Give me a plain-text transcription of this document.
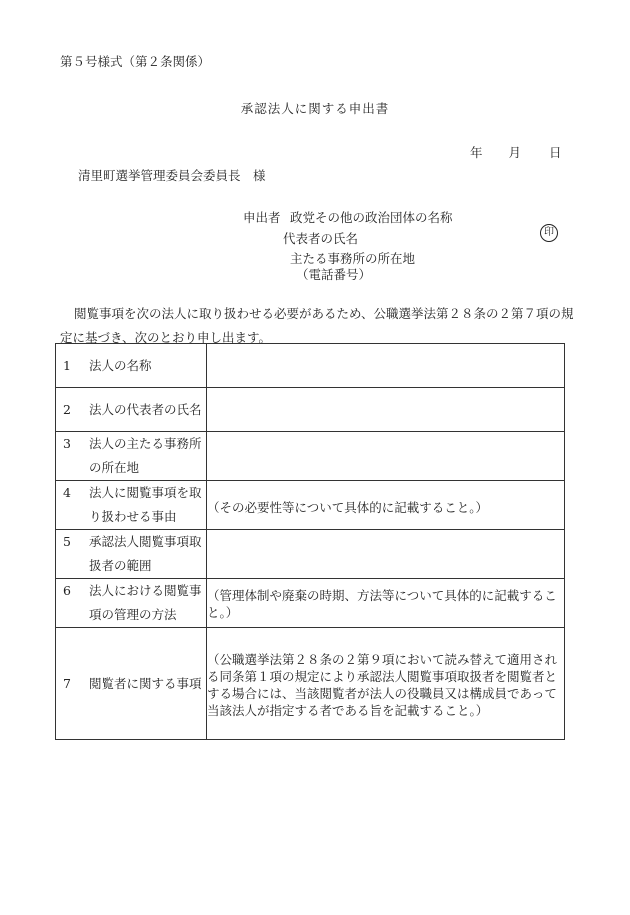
第５号様式（第２条関係）
承認法人に関する申出書
年 月 日
清里町選挙管理委員会委員長　様
申出者 政党その他の政治団体の名称
代表者の氏名	印
主たる事務所の所在地
（電話番号）
閲覧事項を次の法人に取り扱わせる必要があるため、公職選挙法第２８条の２第７項の規定に基づき、次のとおり申し出ます。
1 法人の名称	

2 法人の代表者の氏名	

3 法人の主たる事務所の所在地	

4 法人に閲覧事項を取り扱わせる事由	（その必要性等について具体的に記載すること。）

5 承認法人閲覧事項取扱者の範囲	

6 法人における閲覧事項の管理の方法	（管理体制や廃棄の時期、方法等について具体的に記載すること。）

7 閲覧者に関する事項	（公職選挙法第２８条の２第９項において読み替えて適用される同条第１項の規定により承認法人閲覧事項取扱者を閲覧者とする場合には、当該閲覧者が法人の役職員又は構成員であって当該法人が指定する者である旨を記載すること。）
